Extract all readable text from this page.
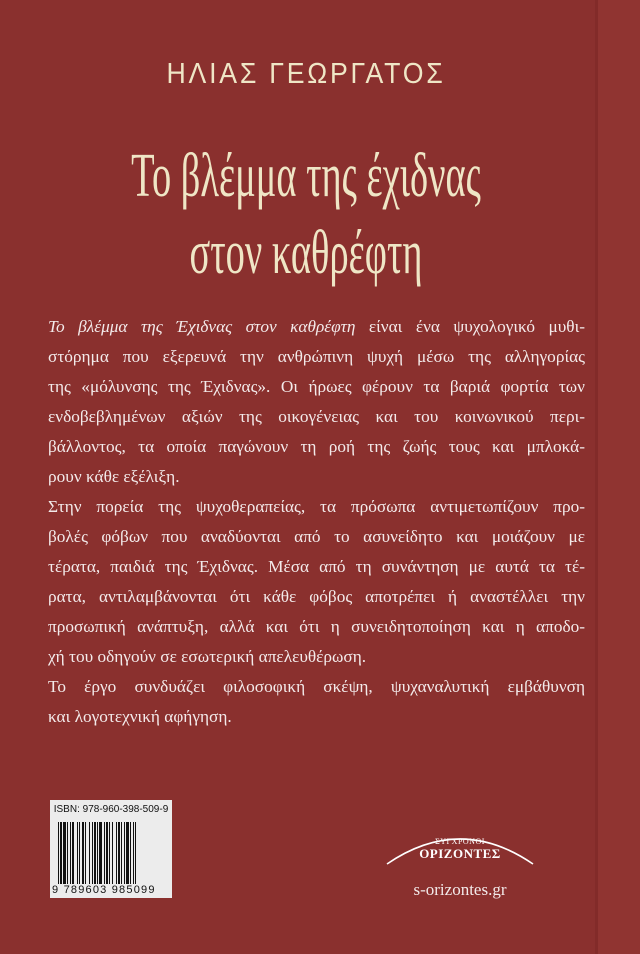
ΗΛΙΑΣ ΓΕΩΡΓΑΤΟΣ
Το βλέμμα της έχιδνας
στον καθρέφτη
Το βλέμμα της Έχιδνας στον καθρέφτη είναι ένα ψυχολογικό μυθι-
στόρημα που εξερευνά την ανθρώπινη ψυχή μέσω της αλληγορίας
της «μόλυνσης της Έχιδνας». Οι ήρωες φέρουν τα βαριά φορτία των
ενδοβεβλημένων αξιών της οικογένειας και του κοινωνικού περι-
βάλλοντος, τα οποία παγώνουν τη ροή της ζωής τους και μπλοκά-
ρουν κάθε εξέλιξη.
Στην πορεία της ψυχοθεραπείας, τα πρόσωπα αντιμετωπίζουν προ-
βολές φόβων που αναδύονται από το ασυνείδητο και μοιάζουν με
τέρατα, παιδιά της Έχιδνας. Μέσα από τη συνάντηση με αυτά τα τέ-
ρατα, αντιλαμβάνονται ότι κάθε φόβος αποτρέπει ή αναστέλλει την
προσωπική ανάπτυξη, αλλά και ότι η συνειδητοποίηση και η αποδο-
χή του οδηγούν σε εσωτερική απελευθέρωση.
Το έργο συνδυάζει φιλοσοφική σκέψη, ψυχαναλυτική εμβάθυνση
και λογοτεχνική αφήγηση.
ISBN: 978-960-398-509-9
9 789603 985099
ΣΥΓΧΡΟΝΟΙ
ΟΡΙΖΟΝΤΕΣ
s-orizontes.gr
